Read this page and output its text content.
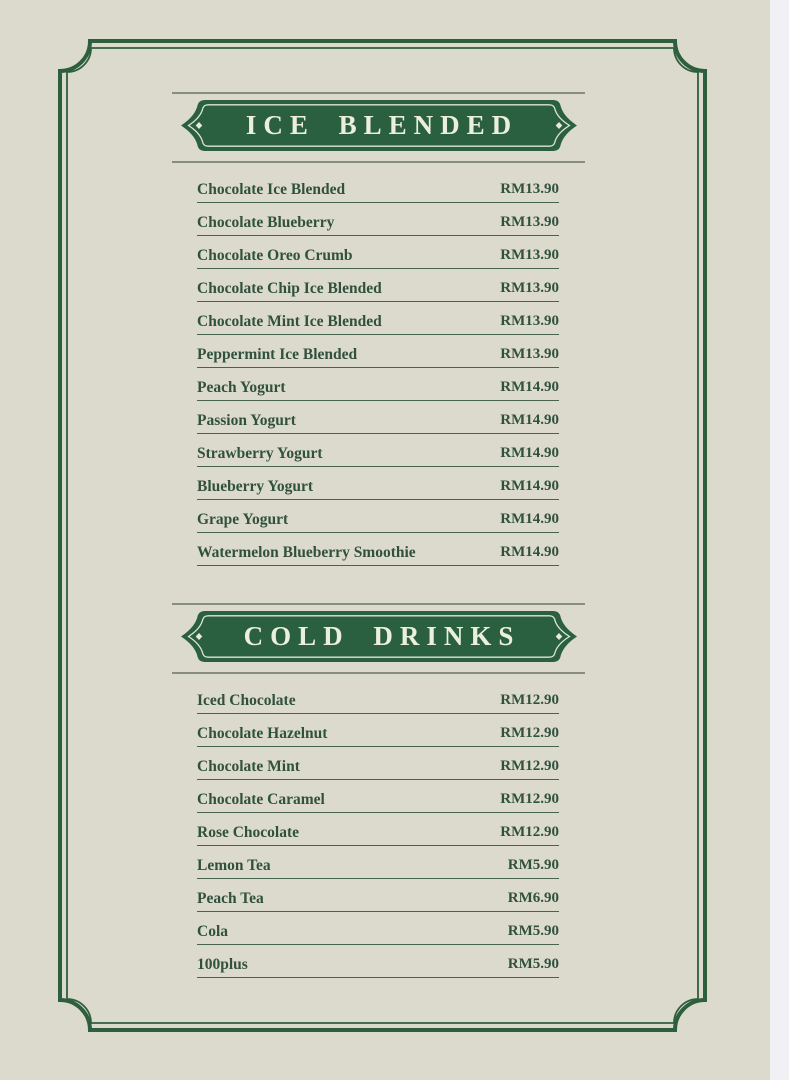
ICE BLENDED
Chocolate Ice Blended	RM13.90
Chocolate Blueberry	RM13.90
Chocolate Oreo Crumb	RM13.90
Chocolate Chip Ice Blended	RM13.90
Chocolate Mint Ice Blended	RM13.90
Peppermint Ice Blended	RM13.90
Peach Yogurt	RM14.90
Passion Yogurt	RM14.90
Strawberry Yogurt	RM14.90
Blueberry Yogurt	RM14.90
Grape Yogurt	RM14.90
Watermelon Blueberry Smoothie	RM14.90
COLD DRINKS
Iced Chocolate	RM12.90
Chocolate Hazelnut	RM12.90
Chocolate Mint	RM12.90
Chocolate Caramel	RM12.90
Rose Chocolate	RM12.90
Lemon Tea	RM5.90
Peach Tea	RM6.90
Cola	RM5.90
100plus	RM5.90
